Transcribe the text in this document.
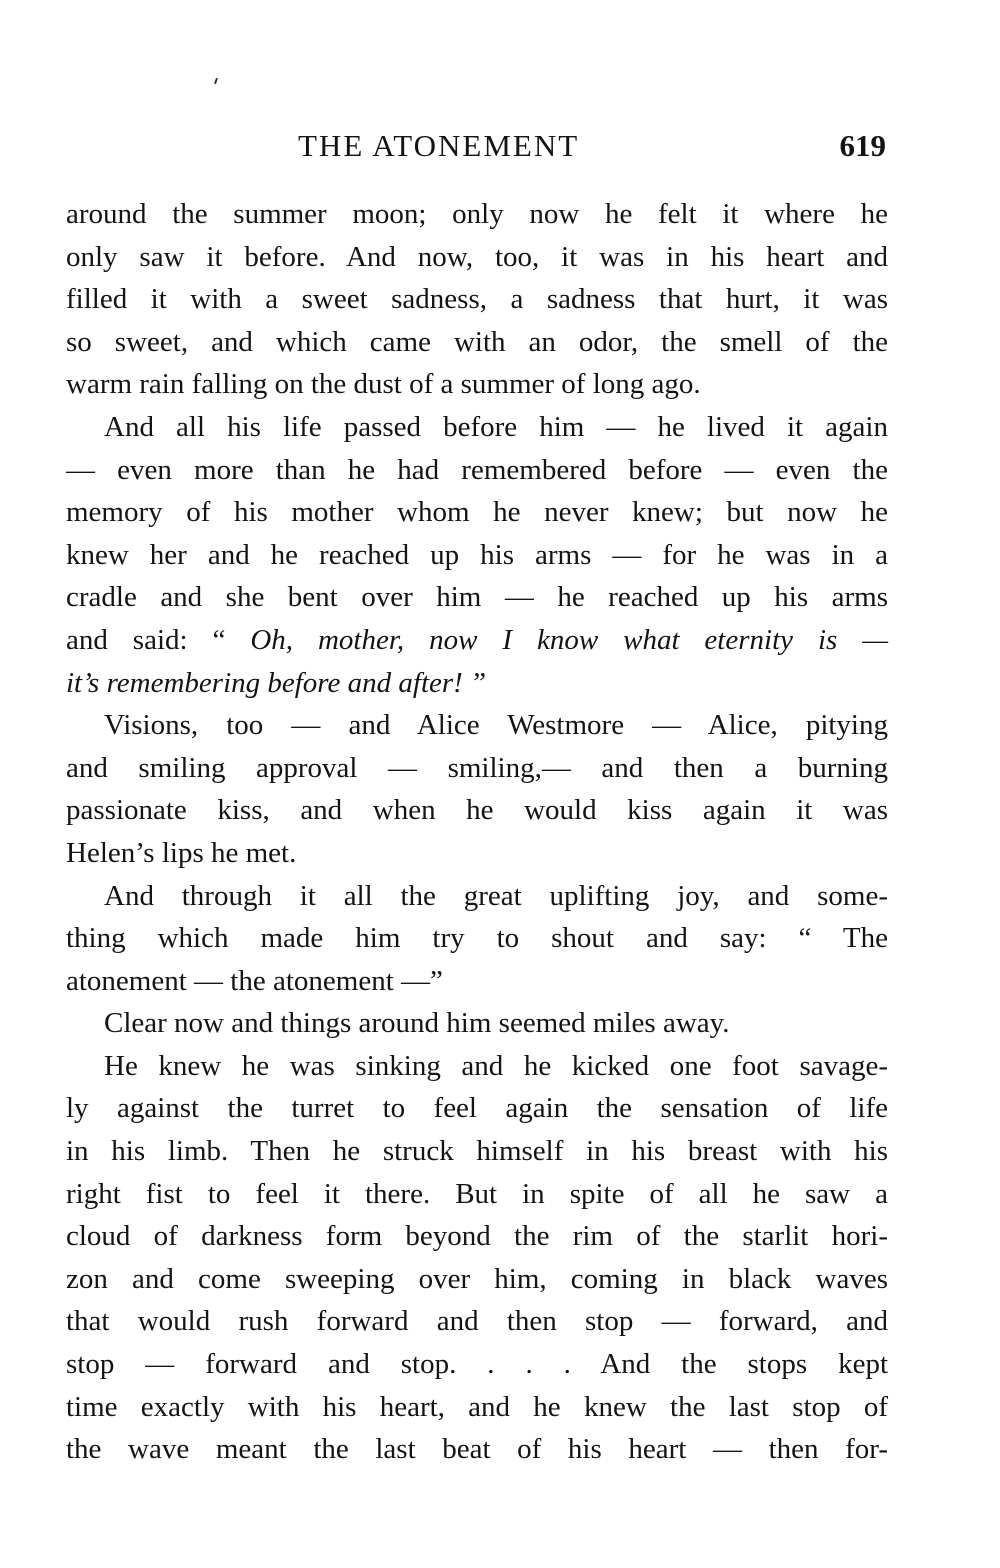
THE ATONEMENT	619
around the summer moon; only now he felt it where he
only saw it before. And now, too, it was in his heart and
filled it with a sweet sadness, a sadness that hurt, it was
so sweet, and which came with an odor, the smell of the
warm rain falling on the dust of a summer of long ago.
And all his life passed before him — he lived it again
— even more than he had remembered before — even the
memory of his mother whom he never knew; but now he
knew her and he reached up his arms — for he was in a
cradle and she bent over him — he reached up his arms
and said: “ Oh, mother, now I know what eternity is —
it’s remembering before and after! ”
Visions, too — and Alice Westmore — Alice, pitying
and smiling approval — smiling,— and then a burning
passionate kiss, and when he would kiss again it was
Helen’s lips he met.
And through it all the great uplifting joy, and some-
thing which made him try to shout and say: “ The
atonement — the atonement —”
Clear now and things around him seemed miles away.
He knew he was sinking and he kicked one foot savage-
ly against the turret to feel again the sensation of life
in his limb. Then he struck himself in his breast with his
right fist to feel it there. But in spite of all he saw a
cloud of darkness form beyond the rim of the starlit hori-
zon and come sweeping over him, coming in black waves
that would rush forward and then stop — forward, and
stop — forward and stop. . . . And the stops kept
time exactly with his heart, and he knew the last stop of
the wave meant the last beat of his heart — then for-
